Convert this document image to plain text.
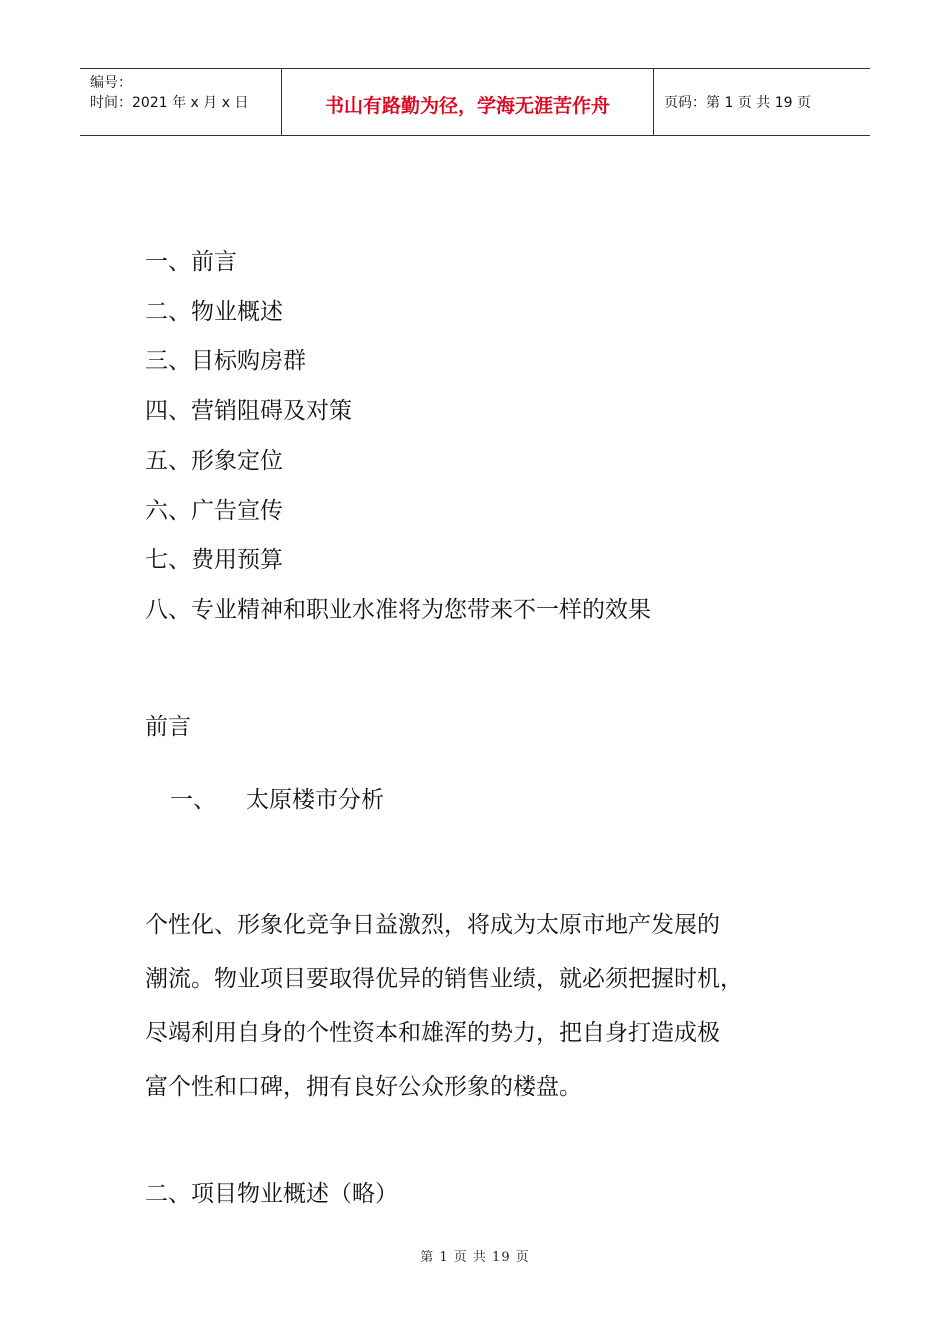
编号：
时间：2021 年 x 月 x 日	书山有路勤为径，学海无涯苦作舟	页码：第 1 页 共 19 页
一、前言
二、物业概述
三、目标购房群
四、营销阻碍及对策
五、形象定位
六、广告宣传
七、费用预算
八、专业精神和职业水准将为您带来不一样的效果
前言
一、 太原楼市分析
个性化、形象化竞争日益激烈，将成为太原市地产发展的
潮流。物业项目要取得优异的销售业绩，就必须把握时机，
尽竭利用自身的个性资本和雄浑的势力，把自身打造成极
富个性和口碑，拥有良好公众形象的楼盘。
二、项目物业概述（略）
第 1 页 共 19 页
